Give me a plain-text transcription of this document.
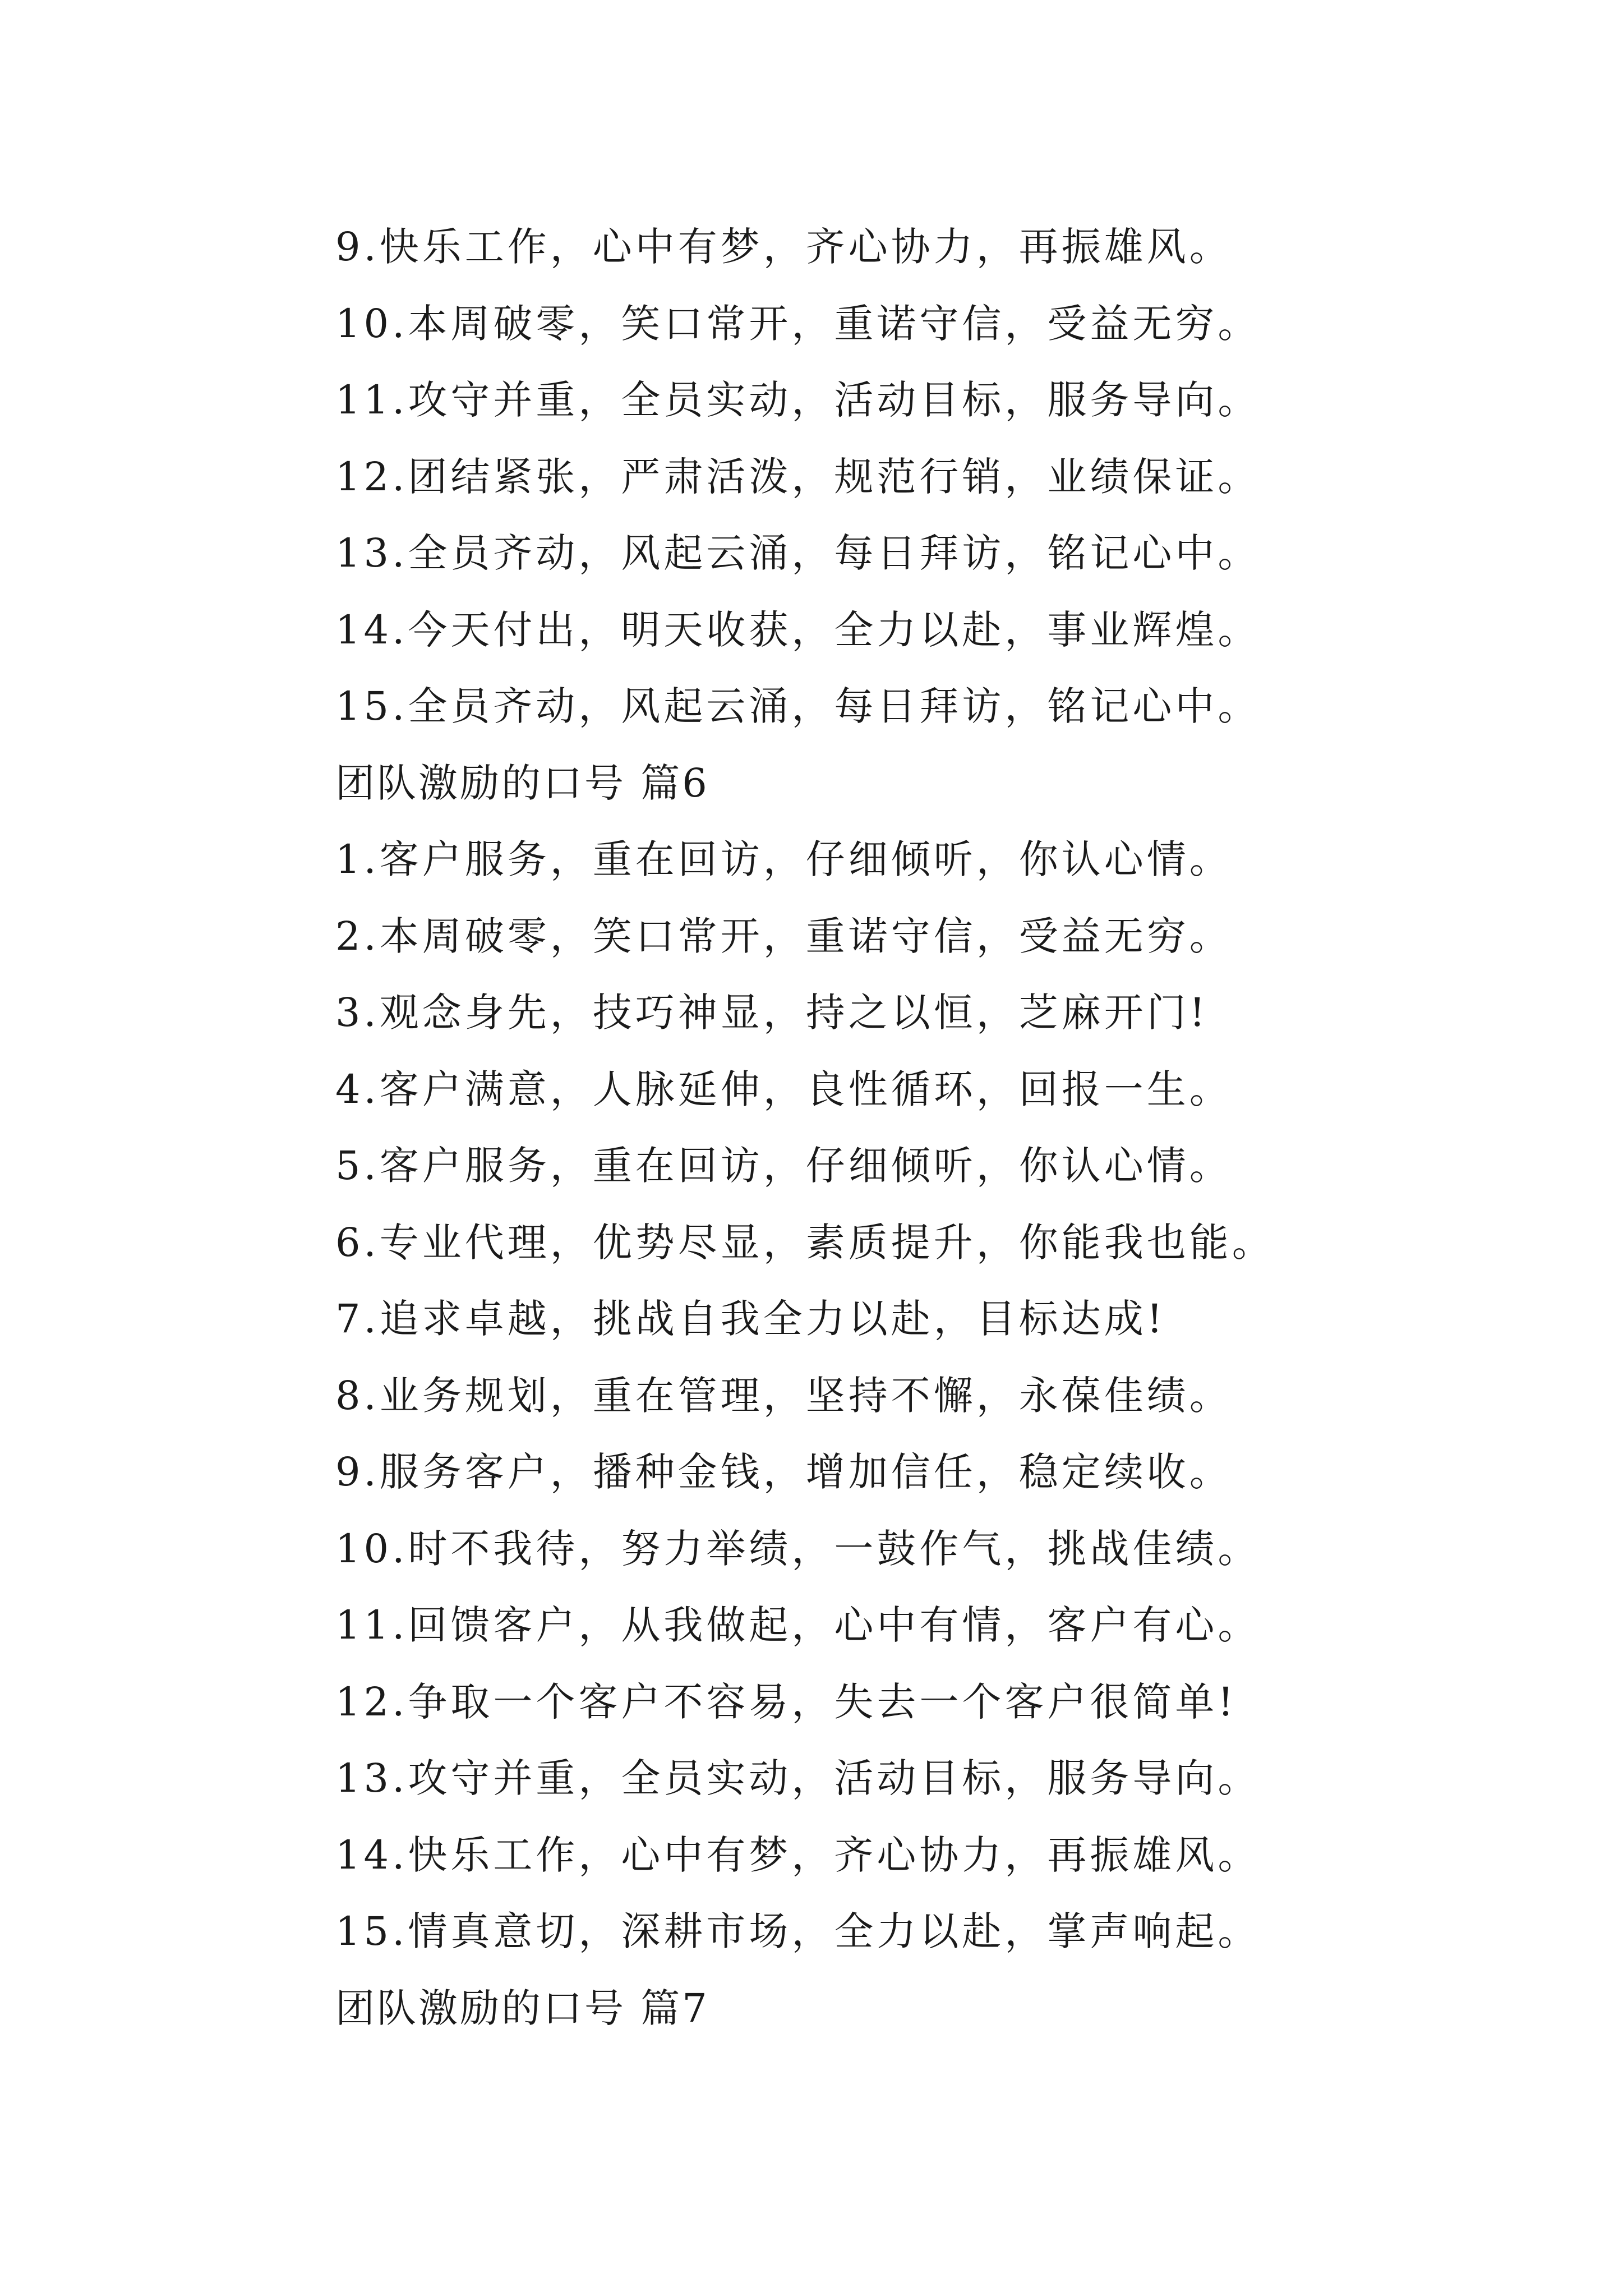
9.快乐工作，心中有梦，齐心协力，再振雄风。
10.本周破零，笑口常开，重诺守信，受益无穷。
11.攻守并重，全员实动，活动目标，服务导向。
12.团结紧张，严肃活泼，规范行销，业绩保证。
13.全员齐动，风起云涌，每日拜访，铭记心中。
14.今天付出，明天收获，全力以赴，事业辉煌。
15.全员齐动，风起云涌，每日拜访，铭记心中。
团队激励的口号 篇6
1.客户服务，重在回访，仔细倾听，你认心情。
2.本周破零，笑口常开，重诺守信，受益无穷。
3.观念身先，技巧神显，持之以恒，芝麻开门!
4.客户满意，人脉延伸，良性循环，回报一生。
5.客户服务，重在回访，仔细倾听，你认心情。
6.专业代理，优势尽显，素质提升，你能我也能。
7.追求卓越，挑战自我全力以赴，目标达成!
8.业务规划，重在管理，坚持不懈，永葆佳绩。
9.服务客户，播种金钱，增加信任，稳定续收。
10.时不我待，努力举绩，一鼓作气，挑战佳绩。
11.回馈客户，从我做起，心中有情，客户有心。
12.争取一个客户不容易，失去一个客户很简单!
13.攻守并重，全员实动，活动目标，服务导向。
14.快乐工作，心中有梦，齐心协力，再振雄风。
15.情真意切，深耕市场，全力以赴，掌声响起。
团队激励的口号 篇7
